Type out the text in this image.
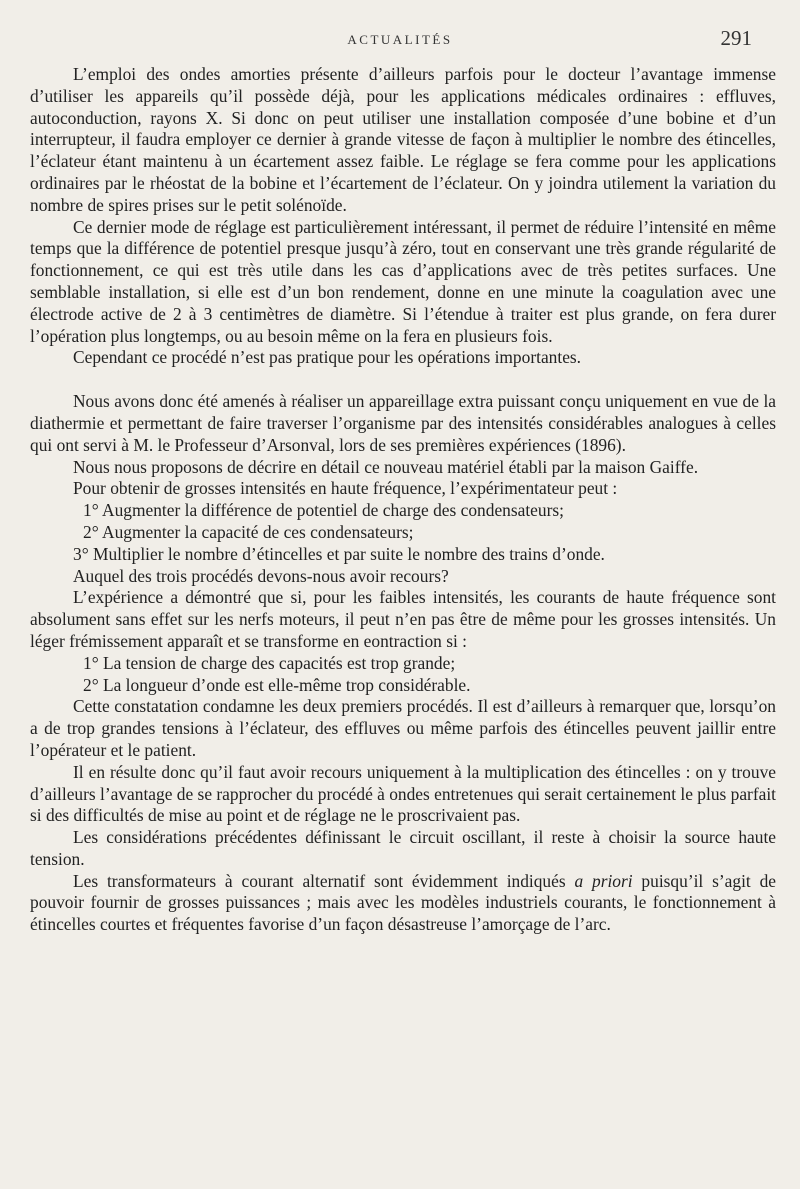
ACTUALITÉS	291

L’emploi des ondes amorties présente d’ailleurs parfois pour le docteur l’avantage immense d’utiliser les appareils qu’il possède déjà, pour les applications médicales ordinaires : effluves, autoconduction, rayons X. Si donc on peut utiliser une installation composée d’une bobine et d’un interrupteur, il faudra employer ce dernier à grande vitesse de façon à multiplier le nombre des étincelles, l’éclateur étant maintenu à un écartement assez faible. Le réglage se fera comme pour les applications ordinaires par le rhéostat de la bobine et l’écartement de l’éclateur. On y joindra utilement la variation du nombre de spires prises sur le petit solénoïde.

Ce dernier mode de réglage est particulièrement intéressant, il permet de réduire l’intensité en même temps que la différence de potentiel presque jusqu’à zéro, tout en conservant une très grande régularité de fonctionnement, ce qui est très utile dans les cas d’applications avec de très petites surfaces. Une semblable installation, si elle est d’un bon rendement, donne en une minute la coagulation avec une électrode active de 2 à 3 centimètres de diamètre. Si l’étendue à traiter est plus grande, on fera durer l’opération plus longtemps, ou au besoin même on la fera en plusieurs fois.

Cependant ce procédé n’est pas pratique pour les opérations importantes.

Nous avons donc été amenés à réaliser un appareillage extra puissant conçu uniquement en vue de la diathermie et permettant de faire traverser l’organisme par des intensités considérables analogues à celles qui ont servi à M. le Professeur d’Arsonval, lors de ses premières expériences (1896).

Nous nous proposons de décrire en détail ce nouveau matériel établi par la maison Gaiffe.

Pour obtenir de grosses intensités en haute fréquence, l’expérimentateur peut :

1° Augmenter la différence de potentiel de charge des condensateurs;

2° Augmenter la capacité de ces condensateurs;

3° Multiplier le nombre d’étincelles et par suite le nombre des trains d’onde.

Auquel des trois procédés devons-nous avoir recours?

L’expérience a démontré que si, pour les faibles intensités, les courants de haute fréquence sont absolument sans effet sur les nerfs moteurs, il peut n’en pas être de même pour les grosses intensités. Un léger frémissement apparaît et se transforme en eontraction si :

1° La tension de charge des capacités est trop grande;

2° La longueur d’onde est elle-même trop considérable.

Cette constatation condamne les deux premiers procédés. Il est d’ailleurs à remarquer que, lorsqu’on a de trop grandes tensions à l’éclateur, des effluves ou même parfois des étincelles peuvent jaillir entre l’opérateur et le patient.

Il en résulte donc qu’il faut avoir recours uniquement à la multiplication des étincelles : on y trouve d’ailleurs l’avantage de se rapprocher du procédé à ondes entretenues qui serait certainement le plus parfait si des difficultés de mise au point et de réglage ne le proscrivaient pas.

Les considérations précédentes définissant le circuit oscillant, il reste à choisir la source haute tension.

Les transformateurs à courant alternatif sont évidemment indiqués a priori puisqu’il s’agit de pouvoir fournir de grosses puissances ; mais avec les modèles industriels courants, le fonctionnement à étincelles courtes et fréquentes favorise d’un façon désastreuse l’amorçage de l’arc.
